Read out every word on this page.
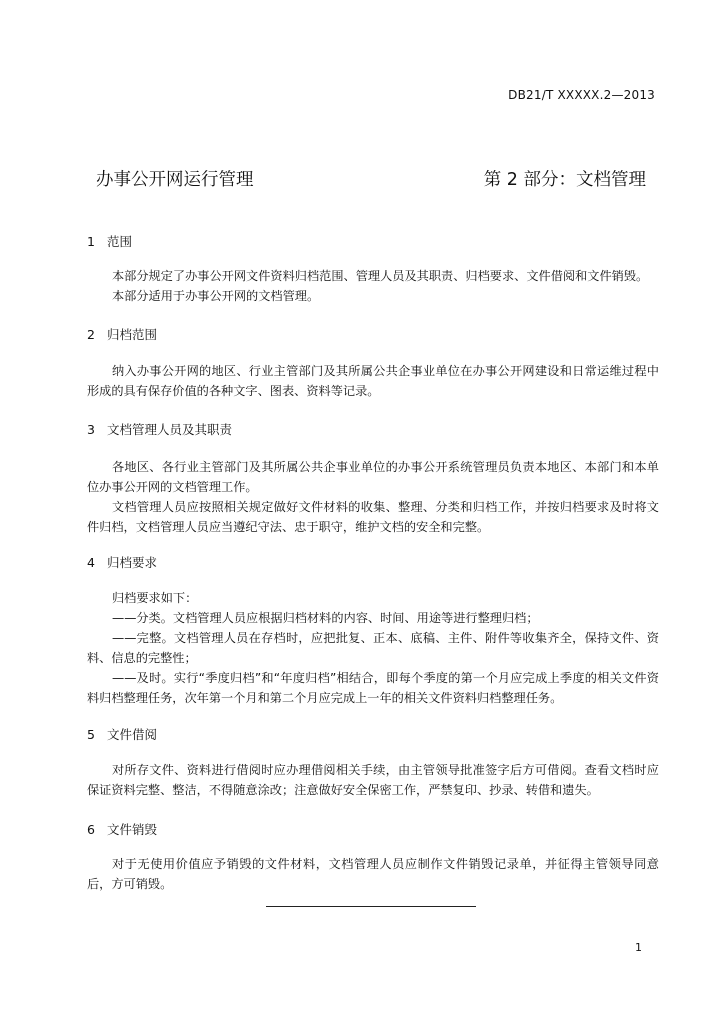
DB21/T XXXXX.2—2013
办事公开网运行管理	第 2 部分：文档管理
1 范围

本部分规定了办事公开网文件资料归档范围、管理人员及其职责、归档要求、文件借阅和文件销毁。

本部分适用于办事公开网的文档管理。

2 归档范围

纳入办事公开网的地区、行业主管部门及其所属公共企事业单位在办事公开网建设和日常运维过程中形成的具有保存价值的各种文字、图表、资料等记录。

3 文档管理人员及其职责

各地区、各行业主管部门及其所属公共企事业单位的办事公开系统管理员负责本地区、本部门和本单位办事公开网的文档管理工作。

文档管理人员应按照相关规定做好文件材料的收集、整理、分类和归档工作，并按归档要求及时将文件归档，文档管理人员应当遵纪守法、忠于职守，维护文档的安全和完整。

4 归档要求

归档要求如下：

——分类。文档管理人员应根据归档材料的内容、时间、用途等进行整理归档；

——完整。文档管理人员在存档时，应把批复、正本、底稿、主件、附件等收集齐全，保持文件、资料、信息的完整性；

——及时。实行“季度归档”和“年度归档”相结合，即每个季度的第一个月应完成上季度的相关文件资料归档整理任务，次年第一个月和第二个月应完成上一年的相关文件资料归档整理任务。

5 文件借阅

对所存文件、资料进行借阅时应办理借阅相关手续，由主管领导批准签字后方可借阅。查看文档时应保证资料完整、整洁，不得随意涂改；注意做好安全保密工作，严禁复印、抄录、转借和遗失。

6 文件销毁

对于无使用价值应予销毁的文件材料，文档管理人员应制作文件销毁记录单，并征得主管领导同意后，方可销毁。

1
